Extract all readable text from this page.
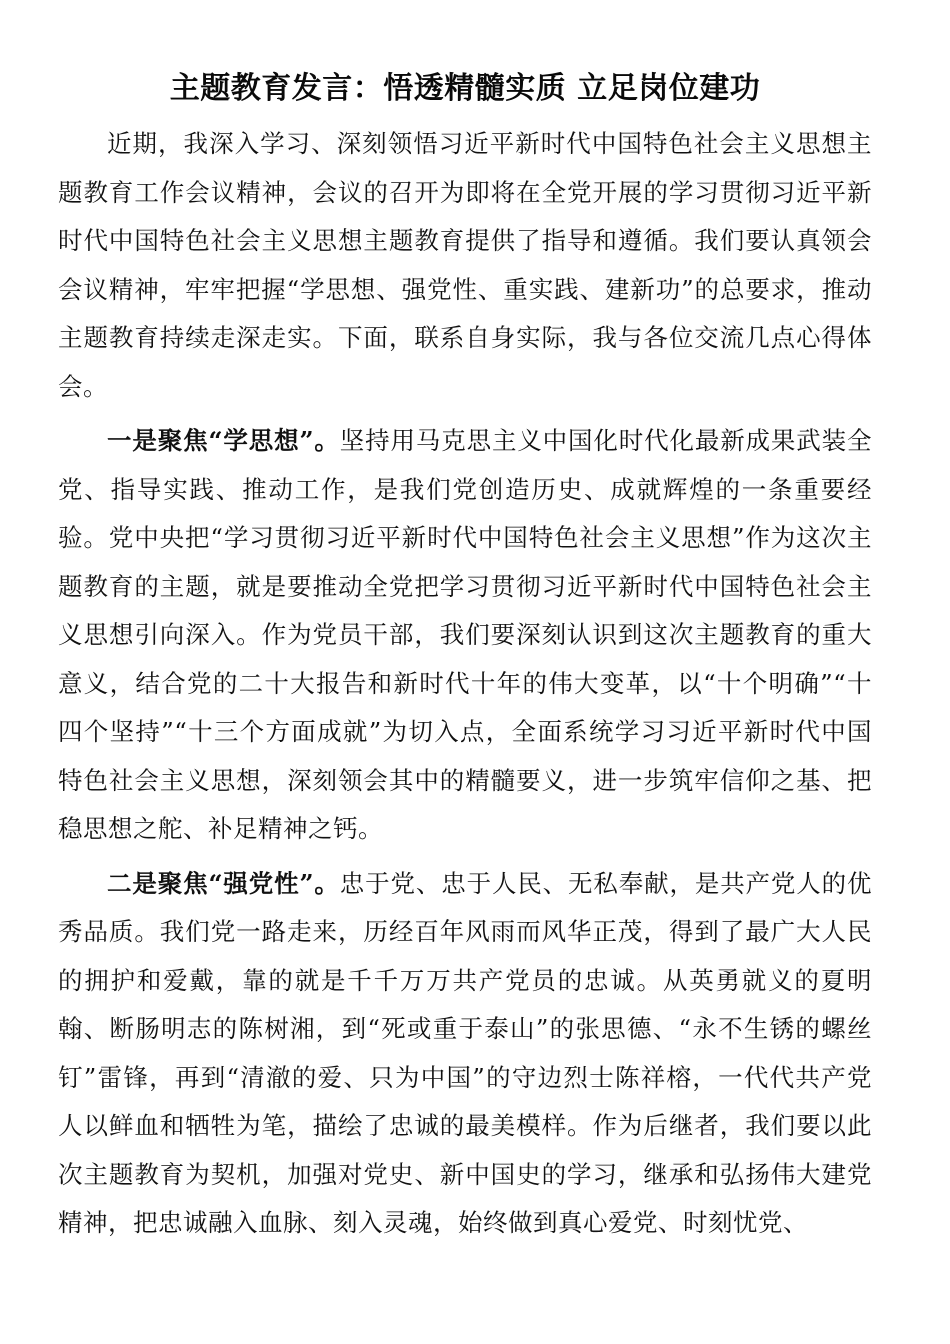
主题教育发言：悟透精髓实质 立足岗位建功

近期，我深入学习、深刻领悟习近平新时代中国特色社会主义思想主题教育工作会议精神，会议的召开为即将在全党开展的学习贯彻习近平新时代中国特色社会主义思想主题教育提供了指导和遵循。我们要认真领会会议精神，牢牢把握“学思想、强党性、重实践、建新功”的总要求，推动主题教育持续走深走实。下面，联系自身实际，我与各位交流几点心得体会。

一是聚焦“学思想”。坚持用马克思主义中国化时代化最新成果武装全党、指导实践、推动工作，是我们党创造历史、成就辉煌的一条重要经验。党中央把“学习贯彻习近平新时代中国特色社会主义思想”作为这次主题教育的主题，就是要推动全党把学习贯彻习近平新时代中国特色社会主义思想引向深入。作为党员干部，我们要深刻认识到这次主题教育的重大意义，结合党的二十大报告和新时代十年的伟大变革，以“十个明确”“十四个坚持”“十三个方面成就”为切入点，全面系统学习习近平新时代中国特色社会主义思想，深刻领会其中的精髓要义，进一步筑牢信仰之基、把稳思想之舵、补足精神之钙。

二是聚焦“强党性”。忠于党、忠于人民、无私奉献，是共产党人的优秀品质。我们党一路走来，历经百年风雨而风华正茂，得到了最广大人民的拥护和爱戴，靠的就是千千万万共产党员的忠诚。从英勇就义的夏明翰、断肠明志的陈树湘，到“死或重于泰山”的张思德、“永不生锈的螺丝钉”雷锋，再到“清澈的爱、只为中国”的守边烈士陈祥榕，一代代共产党人以鲜血和牺牲为笔，描绘了忠诚的最美模样。作为后继者，我们要以此次主题教育为契机，加强对党史、新中国史的学习，继承和弘扬伟大建党精神，把忠诚融入血脉、刻入灵魂，始终做到真心爱党、时刻忧党、
